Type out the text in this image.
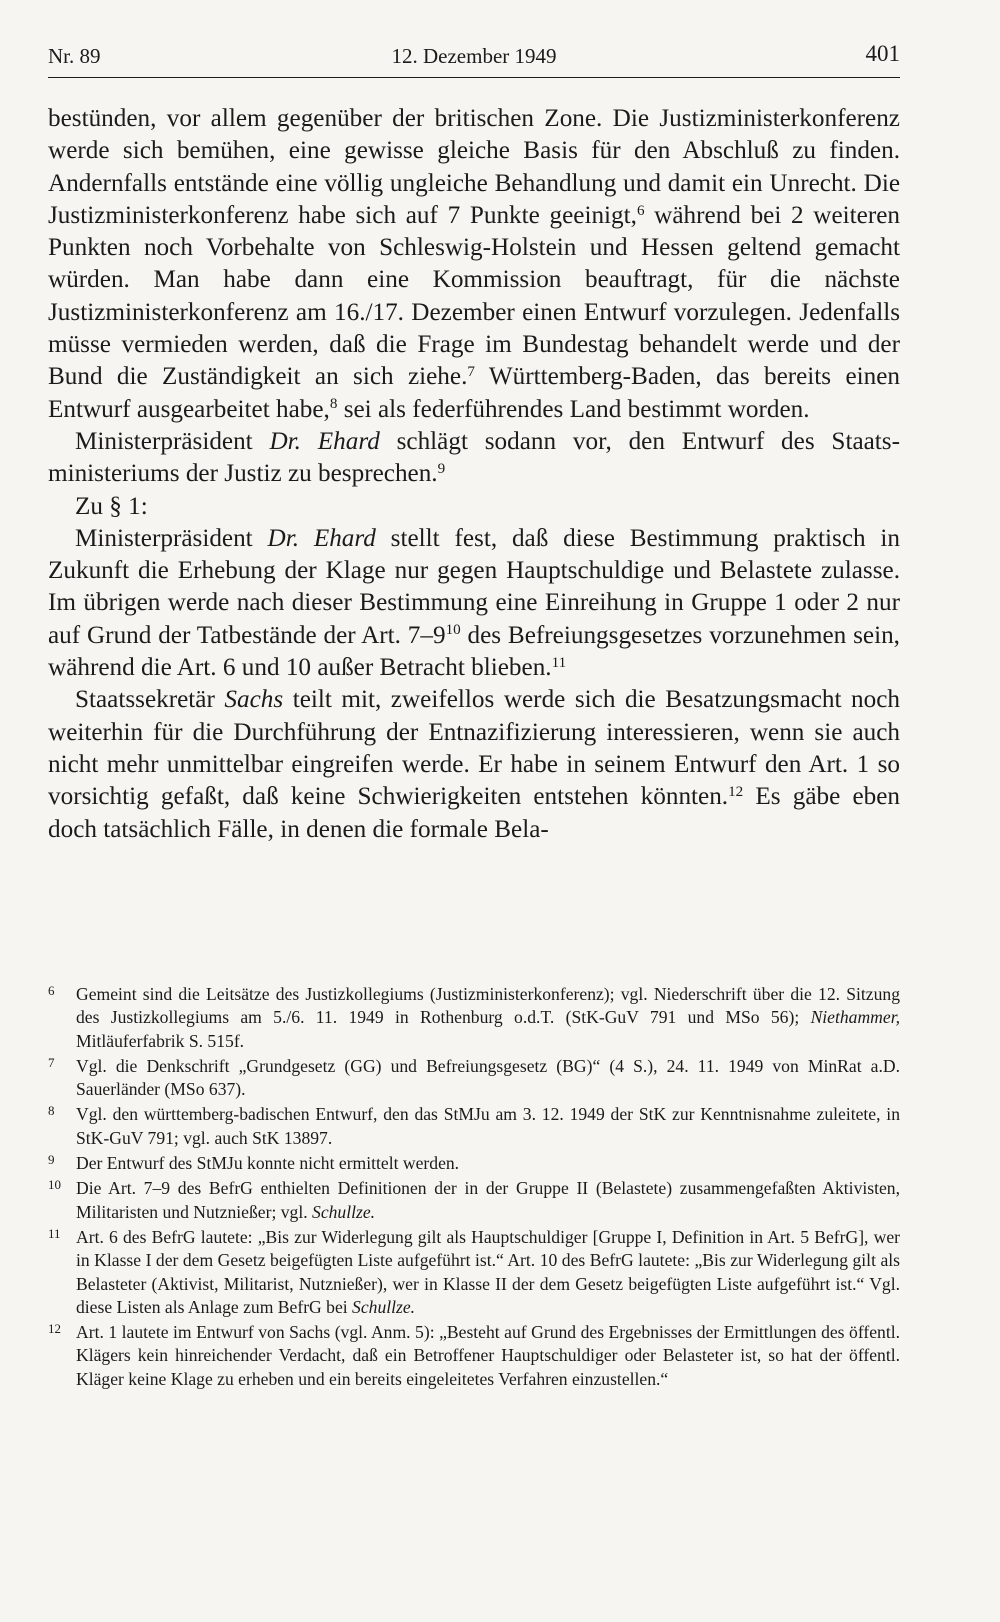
Nr. 89	12. Dezember 1949	401

bestünden, vor allem gegenüber der britischen Zone. Die Justizministerkonferenz werde sich bemühen, eine gewisse gleiche Basis für den Abschluß zu finden. Andernfalls entstände eine völlig ungleiche Behandlung und damit ein Unrecht. Die Justizministerkonferenz habe sich auf 7 Punkte geeinigt,$^6$ während bei 2 weiteren Punkten noch Vorbehalte von Schleswig-Holstein und Hessen geltend gemacht würden. Man habe dann eine Kommission beauftragt, für die nächste Justizministerkonferenz am 16./17. Dezember einen Entwurf vorzulegen. Jedenfalls müsse vermieden werden, daß die Frage im Bundestag behandelt werde und der Bund die Zuständigkeit an sich ziehe.$^7$ Württemberg-Baden, das bereits einen Entwurf ausgearbeitet habe,$^8$ sei als federführendes Land bestimmt worden.

Ministerpräsident Dr. Ehard schlägt sodann vor, den Entwurf des Staatsministeriums der Justiz zu besprechen.$^9$

Zu § 1:

Ministerpräsident Dr. Ehard stellt fest, daß diese Bestimmung praktisch in Zukunft die Erhebung der Klage nur gegen Hauptschuldige und Belastete zulasse. Im übrigen werde nach dieser Bestimmung eine Einreihung in Gruppe 1 oder 2 nur auf Grund der Tatbestände der Art. $7-9^{10}$ des Befreiungsgesetzes vorzunehmen sein, während die Art. 6 und 10 außer Betracht blieben.$^{11}$

Staatssekretär Sachs teilt mit, zweifellos werde sich die Besatzungsmacht noch weiterhin für die Durchführung der Entnazifizierung interessieren, wenn sie auch nicht mehr unmittelbar eingreifen werde. Er habe in seinem Entwurf den Art. 1 so vorsichtig gefaßt, daß keine Schwierigkeiten entstehen könnten.$^{12}$ Es gäbe eben doch tatsächlich Fälle, in denen die formale Bela-

6 Gemeint sind die Leitsätze des Justizkollegiums (Justizministerkonferenz); vgl. Niederschrift über die 12. Sitzung des Justizkollegiums am 5./6. 11. 1949 in Rothenburg o.d.T. (StK-GuV 791 und MSo 56); Niethammer, Mitläuferfabrik S. 515f.
7 Vgl. die Denkschrift „Grundgesetz (GG) und Befreiungsgesetz (BG)“ (4 S.), 24. 11. 1949 von MinRat a.D. Sauerländer (MSo 637).
8 Vgl. den württemberg-badischen Entwurf, den das StMJu am 3. 12. 1949 der StK zur Kenntnisnahme zuleitete, in StK-GuV 791; vgl. auch StK 13897.
9 Der Entwurf des StMJu konnte nicht ermittelt werden.
10 Die Art. 7–9 des BefrG enthielten Definitionen der in der Gruppe II (Belastete) zusammengefaßten Aktivisten, Militaristen und Nutznießer; vgl. Schullze.
11 Art. 6 des BefrG lautete: „Bis zur Widerlegung gilt als Hauptschuldiger [Gruppe I, Definition in Art. 5 BefrG], wer in Klasse I der dem Gesetz beigefügten Liste aufgeführt ist.“ Art. 10 des BefrG lautete: „Bis zur Widerlegung gilt als Belasteter (Aktivist, Militarist, Nutznießer), wer in Klasse II der dem Gesetz beigefügten Liste aufgeführt ist.“ Vgl. diese Listen als Anlage zum BefrG bei Schullze.
12 Art. 1 lautete im Entwurf von Sachs (vgl. Anm. 5): „Besteht auf Grund des Ergebnisses der Ermittlungen des öffentl. Klägers kein hinreichender Verdacht, daß ein Betroffener Hauptschuldiger oder Belasteter ist, so hat der öffentl. Kläger keine Klage zu erheben und ein bereits eingeleitetes Verfahren einzustellen.“
